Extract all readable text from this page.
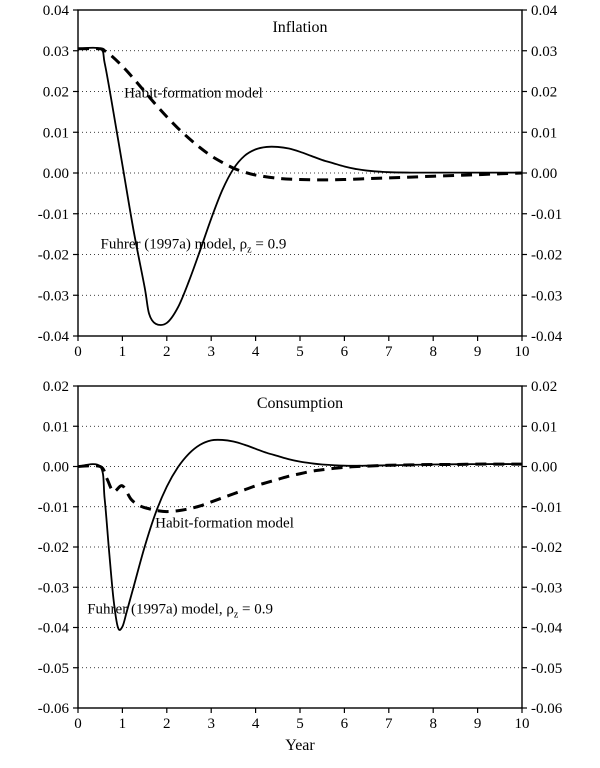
0 1 2 3 4 5 6 7 8 9 10
-0.04	-0.04
-0.03	-0.03
-0.02	-0.02
-0.01	-0.01
0.00	0.00
0.01	0.01
0.02	0.02
0.03	0.03
0.04	0.04
Inflation
Habit-formation model
Fuhrer (1997a) model, $\rho_z = 0.9$
0 1 2 3 4 5 6 7 8 9 10
-0.06	-0.06
-0.05	-0.05
-0.04	-0.04
-0.03	-0.03
-0.02	-0.02
-0.01	-0.01
0.00	0.00
0.01	0.01
0.02	0.02
Consumption
Habit-formation model
Fuhrer (1997a) model, $\rho_z = 0.9$
Year
